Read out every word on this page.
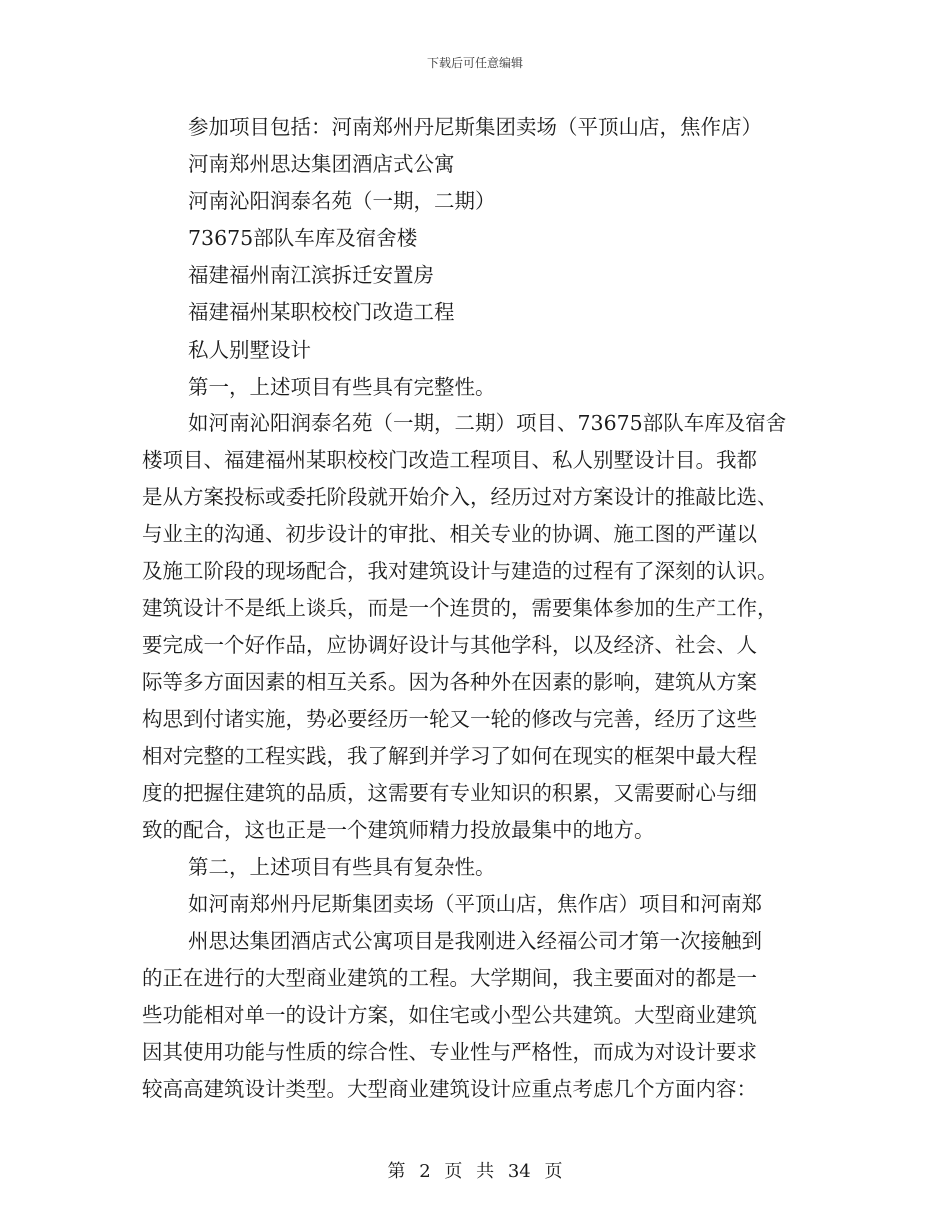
下载后可任意编辑
参加项目包括：河南郑州丹尼斯集团卖场（平顶山店，焦作店）
河南郑州思达集团酒店式公寓
河南沁阳润泰名苑（一期，二期）
73675部队车库及宿舍楼
福建福州南江滨拆迁安置房
福建福州某职校校门改造工程
私人别墅设计
第一，上述项目有些具有完整性。
如河南沁阳润泰名苑（一期，二期）项目、73675部队车库及宿舍
楼项目、福建福州某职校校门改造工程项目、私人别墅设计目。我都
是从方案投标或委托阶段就开始介入，经历过对方案设计的推敲比选、
与业主的沟通、初步设计的审批、相关专业的协调、施工图的严谨以
及施工阶段的现场配合，我对建筑设计与建造的过程有了深刻的认识。
建筑设计不是纸上谈兵，而是一个连贯的，需要集体参加的生产工作，
要完成一个好作品，应协调好设计与其他学科，以及经济、社会、人
际等多方面因素的相互关系。因为各种外在因素的影响，建筑从方案
构思到付诸实施，势必要经历一轮又一轮的修改与完善，经历了这些
相对完整的工程实践，我了解到并学习了如何在现实的框架中最大程
度的把握住建筑的品质，这需要有专业知识的积累，又需要耐心与细
致的配合，这也正是一个建筑师精力投放最集中的地方。
第二，上述项目有些具有复杂性。
如河南郑州丹尼斯集团卖场（平顶山店，焦作店）项目和河南郑
州思达集团酒店式公寓项目是我刚进入经福公司才第一次接触到
的正在进行的大型商业建筑的工程。大学期间，我主要面对的都是一
些功能相对单一的设计方案，如住宅或小型公共建筑。大型商业建筑
因其使用功能与性质的综合性、专业性与严格性，而成为对设计要求
较高高建筑设计类型。大型商业建筑设计应重点考虑几个方面内容：
第 2 页 共 34 页
